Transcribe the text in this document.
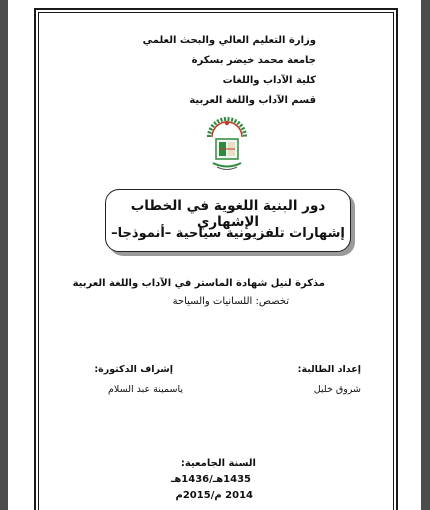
وزارة التعليم العالي والبحث العلمي
جامعة محمد خيضر بسكرة
كلية الآداب واللغات
قسم الآداب واللغة العربية
دور البنية اللغوية في الخطاب الإشهاري
إشهارات تلفزيونية سياحية –أنموذجا–
مذكرة لنيل شهادة الماستر في الآداب واللغة العربية
تخصص: اللسانيات والسياحة
إعداد الطالبة:
شروق خليل
إشراف الدكتورة:
ياسمينة عبد السلام
السنة الجامعية:
1435هـ/1436هـ
2014 م/2015م
